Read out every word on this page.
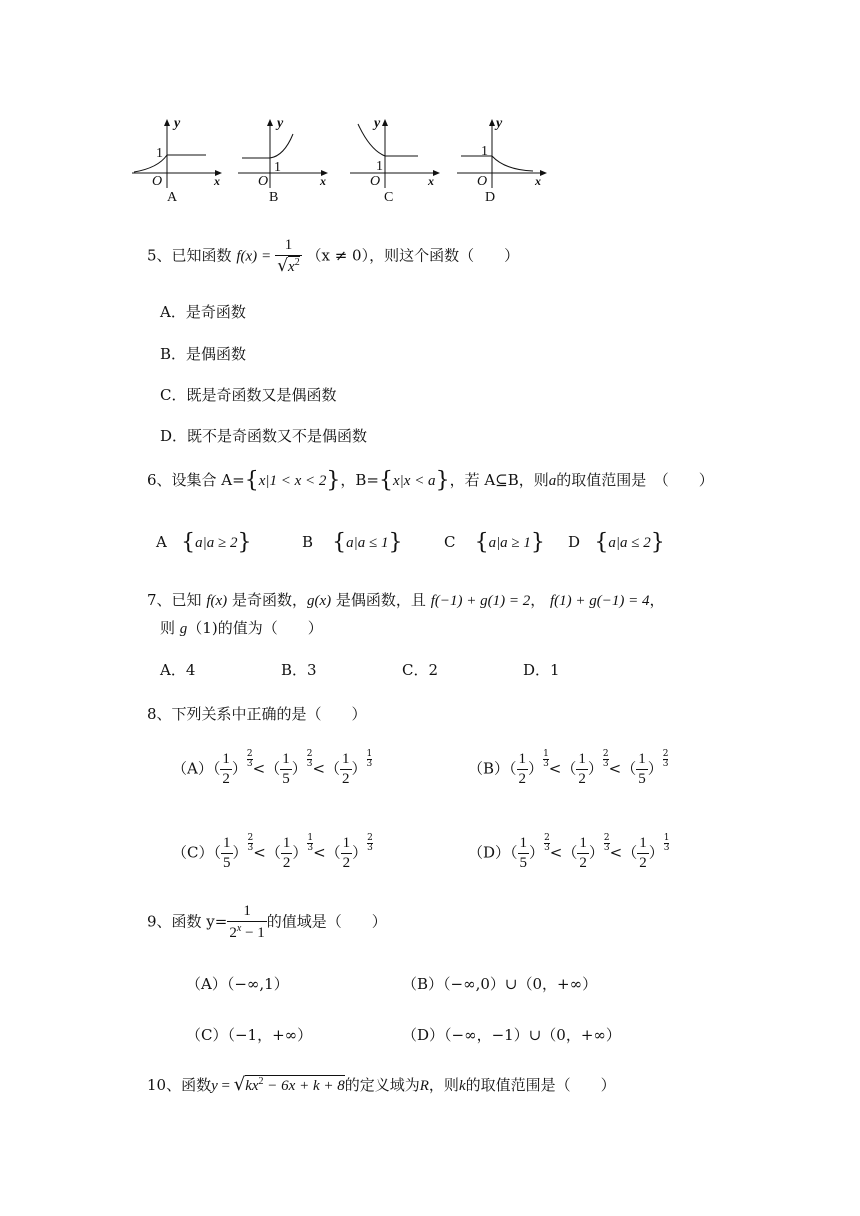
y
x
O
1
A
y
x
O
1
B
y
x
O
1
C
y
x
O
1
D
5、已知函数 $f(x) = \frac{1}{√x^2} (x \ne 0)$，则这个函数（　　）
A．是奇函数
B．是偶函数
C．既是奇函数又是偶函数
D．既不是奇函数又不是偶函数
6、设集合 A={x|1 < x < 2}，B={x|x < a}，若 A⊆B，则a的取值范围是　（　　）
A {a|a ≥ 2}	B {a|a ≤ 1}	C {a|a ≥ 1} D {a|a ≤ 2}
7、已知 f(x) 是奇函数，g(x) 是偶函数，且 f(−1) + g(1) = 2， f(1) + g(−1) = 4，
则 g（1)的值为（　　）
A．4	B．3	C．2	D．1
8、下列关系中正确的是（　　）
$(A)( \frac{1}{2}$ ） $\frac{2}{3}$ <（ $\frac{1}{5}$ ） $\frac{2}{3}$ <（ $\frac{1}{2}$ ） $\frac{1}{3}$	$(B)( \frac{1}{2}$ ） $\frac{1}{3}$ <（ $\frac{1}{2}$ ） $\frac{2}{3}$ <（ $\frac{1}{5}$ ） $\frac{2}{3}$
$(C)( \frac{1}{5}$ ） $\frac{2}{3}$ <（ $\frac{1}{2}$ ） $\frac{1}{3}$ <（ $\frac{1}{2}$ ） $\frac{2}{3}$	$(D)( \frac{1}{5}$ ） $\frac{2}{3}$ <（ $\frac{1}{2}$ ） $\frac{2}{3}$ <（ $\frac{1}{2}$ ） $\frac{1}{3}$
9、函数 $y= \frac{1}{2^x - 1}$ 的值域是（　　）
（A）（−∞,1）	（B）（−∞,0）∪（0，+∞）
（C）（−1，+∞）	（D）（−∞，−1）∪（0，+∞）
10、函数$y = √kx^2 - 6x + k + 8$的定义域为R，则k的取值范围是（　　）
